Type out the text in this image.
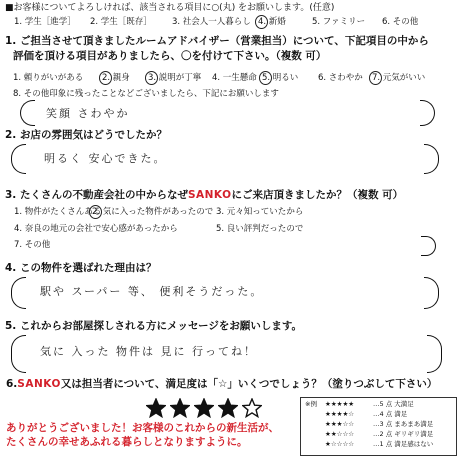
■お客様についてよろしければ、該当される項目に○(丸) をお願いします。(任意)
1. 学生［進学］ 2. 学生［既存］ 3. 社会人一人暮らし 4. 新婚	5. ファミリー 6. その他
1. ご担当させて頂きましたルームアドバイザー（営業担当）について、下記項目の中から
評価を頂ける項目がありましたら、〇を付けて下さい。（複数 可）
1. 頼りがいがある 2. 親身 3. 説明が丁寧 4. 一生懸命 5. 明るい 6. さわやか 7. 元気がいい
8. その他印象に残ったことなどございましたら、下記にお願いします
笑顔 さわやか
2. お店の雰囲気はどうでしたか？
明るく 安心できた。
3. たくさんの不動産会社の中からなぜSANKOにご来店頂きましたか？（複数 可）
1. 物件がたくさんある
2. 気に入った物件があったので 3. 元々知っていたから
4. 奈良の地元の会社で安心感があったから	5. 良い評判だったので
7. その他
4. この物件を選ばれた理由は？
駅や スーパー 等、 便利そうだった。
5. これからお部屋探しされる方にメッセージをお願いします。
気に 入った 物件は 見に 行ってね！
6.SANKO又は担当者について、満足度は「☆」いくつでしょう？（塗りつぶして下さい）
※例 ★★★★★	…5 点 大満足
★★★★☆	…4 点 満足
★★★☆☆	…3 点 まあまあ満足
★★☆☆☆	…2 点 ギリギリ満足
★☆☆☆☆	…1 点 満足感はない
ありがとうございました！お客様のこれからの新生活が、
たくさんの幸せあふれる暮らしとなりますように。
